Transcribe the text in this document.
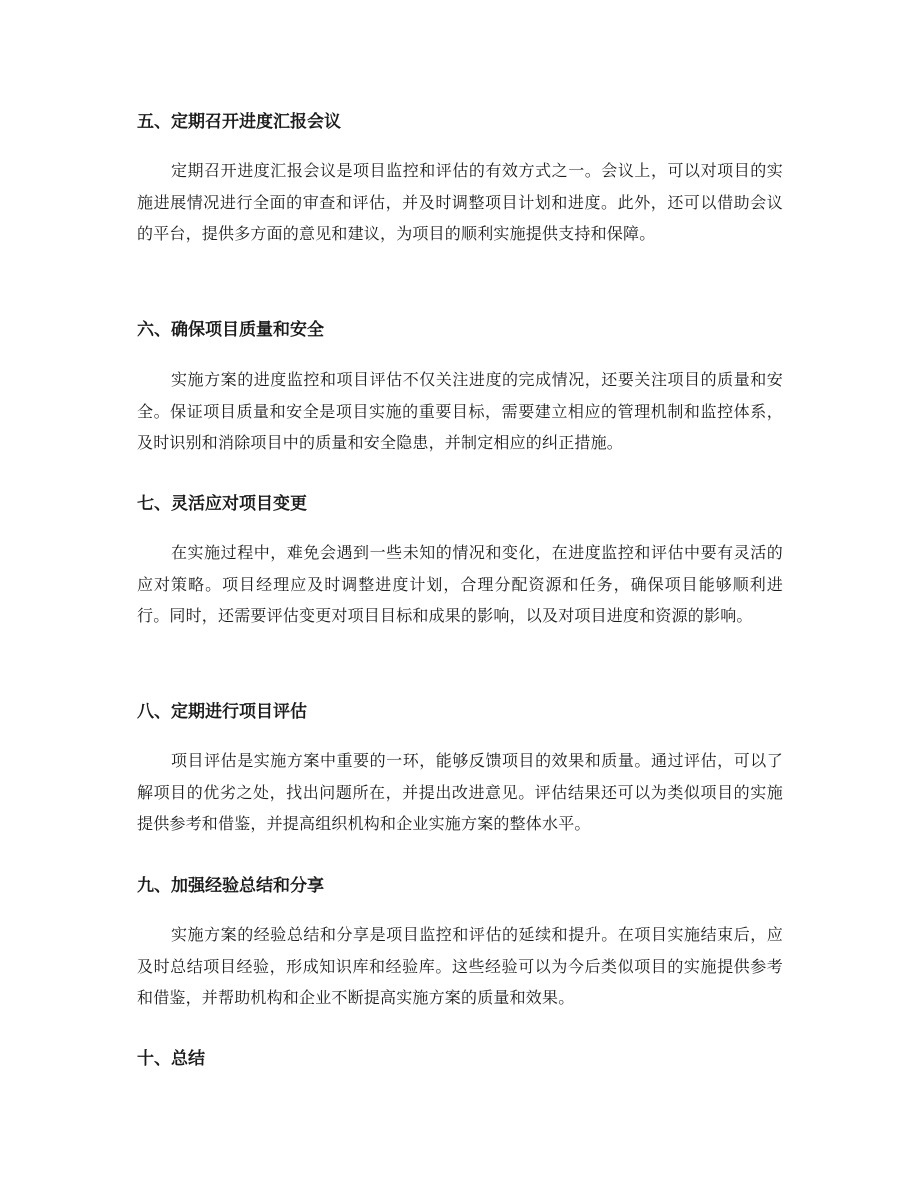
五、定期召开进度汇报会议

定期召开进度汇报会议是项目监控和评估的有效方式之一。会议上，可以对项目的实施进展情况进行全面的审查和评估，并及时调整项目计划和进度。此外，还可以借助会议的平台，提供多方面的意见和建议，为项目的顺利实施提供支持和保障。

六、确保项目质量和安全

实施方案的进度监控和项目评估不仅关注进度的完成情况，还要关注项目的质量和安全。保证项目质量和安全是项目实施的重要目标，需要建立相应的管理机制和监控体系，及时识别和消除项目中的质量和安全隐患，并制定相应的纠正措施。

七、灵活应对项目变更

在实施过程中，难免会遇到一些未知的情况和变化，在进度监控和评估中要有灵活的应对策略。项目经理应及时调整进度计划，合理分配资源和任务，确保项目能够顺利进行。同时，还需要评估变更对项目目标和成果的影响，以及对项目进度和资源的影响。

八、定期进行项目评估

项目评估是实施方案中重要的一环，能够反馈项目的效果和质量。通过评估，可以了解项目的优劣之处，找出问题所在，并提出改进意见。评估结果还可以为类似项目的实施提供参考和借鉴，并提高组织机构和企业实施方案的整体水平。

九、加强经验总结和分享

实施方案的经验总结和分享是项目监控和评估的延续和提升。在项目实施结束后，应及时总结项目经验，形成知识库和经验库。这些经验可以为今后类似项目的实施提供参考和借鉴，并帮助机构和企业不断提高实施方案的质量和效果。

十、总结
